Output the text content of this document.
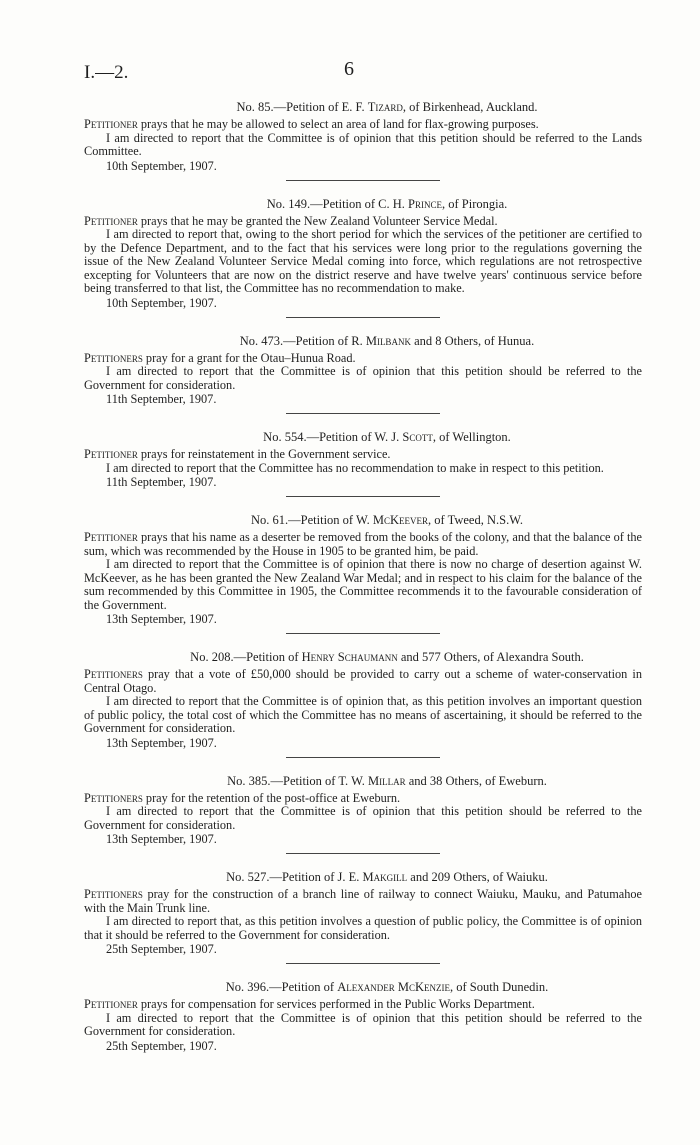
I.—2.	6

No. 85.—Petition of E. F. Tizard, of Birkenhead, Auckland.

Petitioner prays that he may be allowed to select an area of land for flax-growing purposes.

I am directed to report that the Committee is of opinion that this petition should be referred to the Lands Committee.

10th September, 1907.

No. 149.—Petition of C. H. Prince, of Pirongia.

Petitioner prays that he may be granted the New Zealand Volunteer Service Medal.

I am directed to report that, owing to the short period for which the services of the petitioner are certified to by the Defence Department, and to the fact that his services were long prior to the regulations governing the issue of the New Zealand Volunteer Service Medal coming into force, which regulations are not retrospective excepting for Volunteers that are now on the district reserve and have twelve years' continuous service before being transferred to that list, the Committee has no recommendation to make.

10th September, 1907.

No. 473.—Petition of R. Milbank and 8 Others, of Hunua.

Petitioners pray for a grant for the Otau–Hunua Road.

I am directed to report that the Committee is of opinion that this petition should be referred to the Government for consideration.

11th September, 1907.

No. 554.—Petition of W. J. Scott, of Wellington.

Petitioner prays for reinstatement in the Government service.

I am directed to report that the Committee has no recommendation to make in respect to this petition.

11th September, 1907.

No. 61.—Petition of W. McKeever, of Tweed, N.S.W.

Petitioner prays that his name as a deserter be removed from the books of the colony, and that the balance of the sum, which was recommended by the House in 1905 to be granted him, be paid.

I am directed to report that the Committee is of opinion that there is now no charge of desertion against W. McKeever, as he has been granted the New Zealand War Medal; and in respect to his claim for the balance of the sum recommended by this Committee in 1905, the Committee recommends it to the favourable consideration of the Government.

13th September, 1907.

No. 208.—Petition of Henry Schaumann and 577 Others, of Alexandra South.

Petitioners pray that a vote of £50,000 should be provided to carry out a scheme of water-conservation in Central Otago.

I am directed to report that the Committee is of opinion that, as this petition involves an important question of public policy, the total cost of which the Committee has no means of ascertaining, it should be referred to the Government for consideration.

13th September, 1907.

No. 385.—Petition of T. W. Millar and 38 Others, of Eweburn.

Petitioners pray for the retention of the post-office at Eweburn.

I am directed to report that the Committee is of opinion that this petition should be referred to the Government for consideration.

13th September, 1907.

No. 527.—Petition of J. E. Makgill and 209 Others, of Waiuku.

Petitioners pray for the construction of a branch line of railway to connect Waiuku, Mauku, and Patumahoe with the Main Trunk line.

I am directed to report that, as this petition involves a question of public policy, the Committee is of opinion that it should be referred to the Government for consideration.

25th September, 1907.

No. 396.—Petition of Alexander McKenzie, of South Dunedin.

Petitioner prays for compensation for services performed in the Public Works Department.

I am directed to report that the Committee is of opinion that this petition should be referred to the Government for consideration.

25th September, 1907.
